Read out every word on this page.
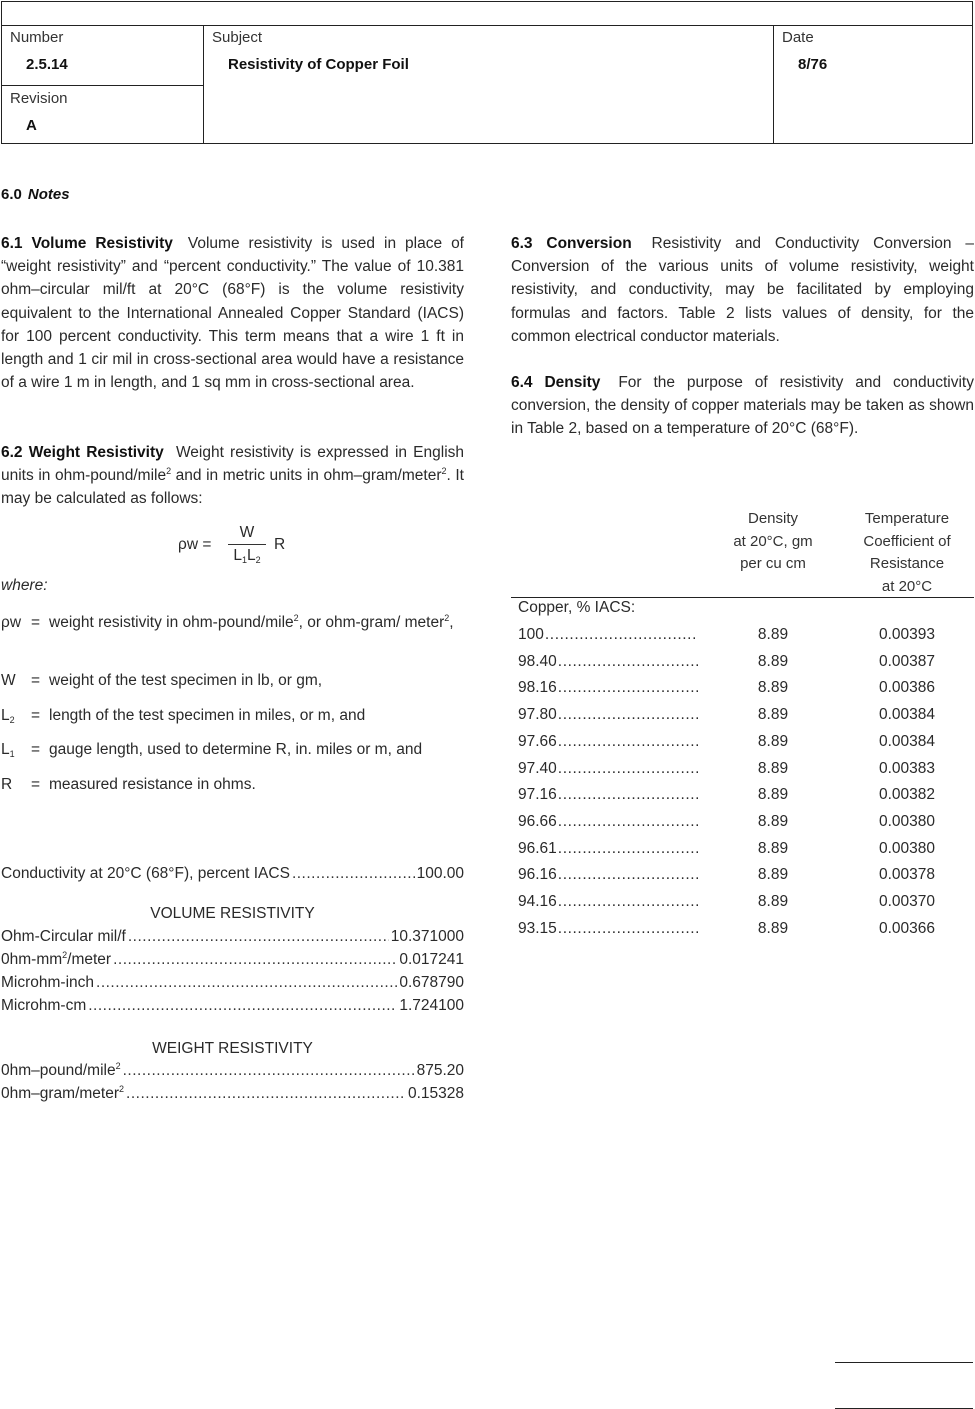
Number
2.5.14
Revision
A
Subject
Resistivity of Copper Foil
Date
8/76
6.0 Notes
6.1 Volume Resistivity Volume resistivity is used in place of “weight resistivity” and “percent conductivity.” The value of 10.381 ohm–circular mil/ft at 20°C (68°F) is the volume resistivity equivalent to the International Annealed Copper Standard (IACS) for 100 percent conductivity. This term means that a wire 1 ft in length and 1 cir mil in cross-sectional area would have a resistance of a wire 1 m in length, and 1 sq mm in cross-sectional area.
6.2 Weight Resistivity Weight resistivity is expressed in English units in ohm-pound/mile$^2$ and in metric units in ohm–gram/meter$^2$. It may be calculated as follows:
ρw =
W
$L_1L_2$
R
where:
ρw = weight resistivity in ohm-pound/mile$^2$, or ohm-gram/ meter$^2$,
W = weight of the test specimen in lb, or gm,
$L_2$ = length of the test specimen in miles, or m, and
$L_1$ = gauge length, used to determine R, in. miles or m, and
R = measured resistance in ohms.
Conductivity at 20°C (68°F), percent IACS .....	100.00
VOLUME RESISTIVITY
Ohm-Circular mil/f .....	10.371000
$0hm-mm^2$/meter .....	0.017241
Microhm-inch .....	0.678790
Microhm-cm .....	1.724100
WEIGHT RESISTIVITY
0hm–pound/mile$^2$ .....	875.20
0hm–gram/meter$^2$ .....	0.15328
6.3 Conversion Resistivity and Conductivity Conversion – Conversion of the various units of volume resistivity, weight resistivity, and conductivity, may be facilitated by employing formulas and factors. Table 2 lists values of density, for the common electrical conductor materials.
6.4 Density For the purpose of resistivity and conductivity conversion, the density of copper materials may be taken as shown in Table 2, based on a temperature of 20°C (68°F).
Density
at 20°C, gm
per cu cm
Temperature
Coefficient of
Resistance
at 20°C
Copper, % IACS:
100 .....	8.89	0.00393
98.40 .....	8.89	0.00387
98.16 .....	8.89	0.00386
97.80 .....	8.89	0.00384
97.66 .....	8.89	0.00384
97.40 .....	8.89	0.00383
97.16 .....	8.89	0.00382
96.66 .....	8.89	0.00380
96.61 .....	8.89	0.00380
96.16 .....	8.89	0.00378
94.16 .....	8.89	0.00370
93.15 .....	8.89	0.00366
